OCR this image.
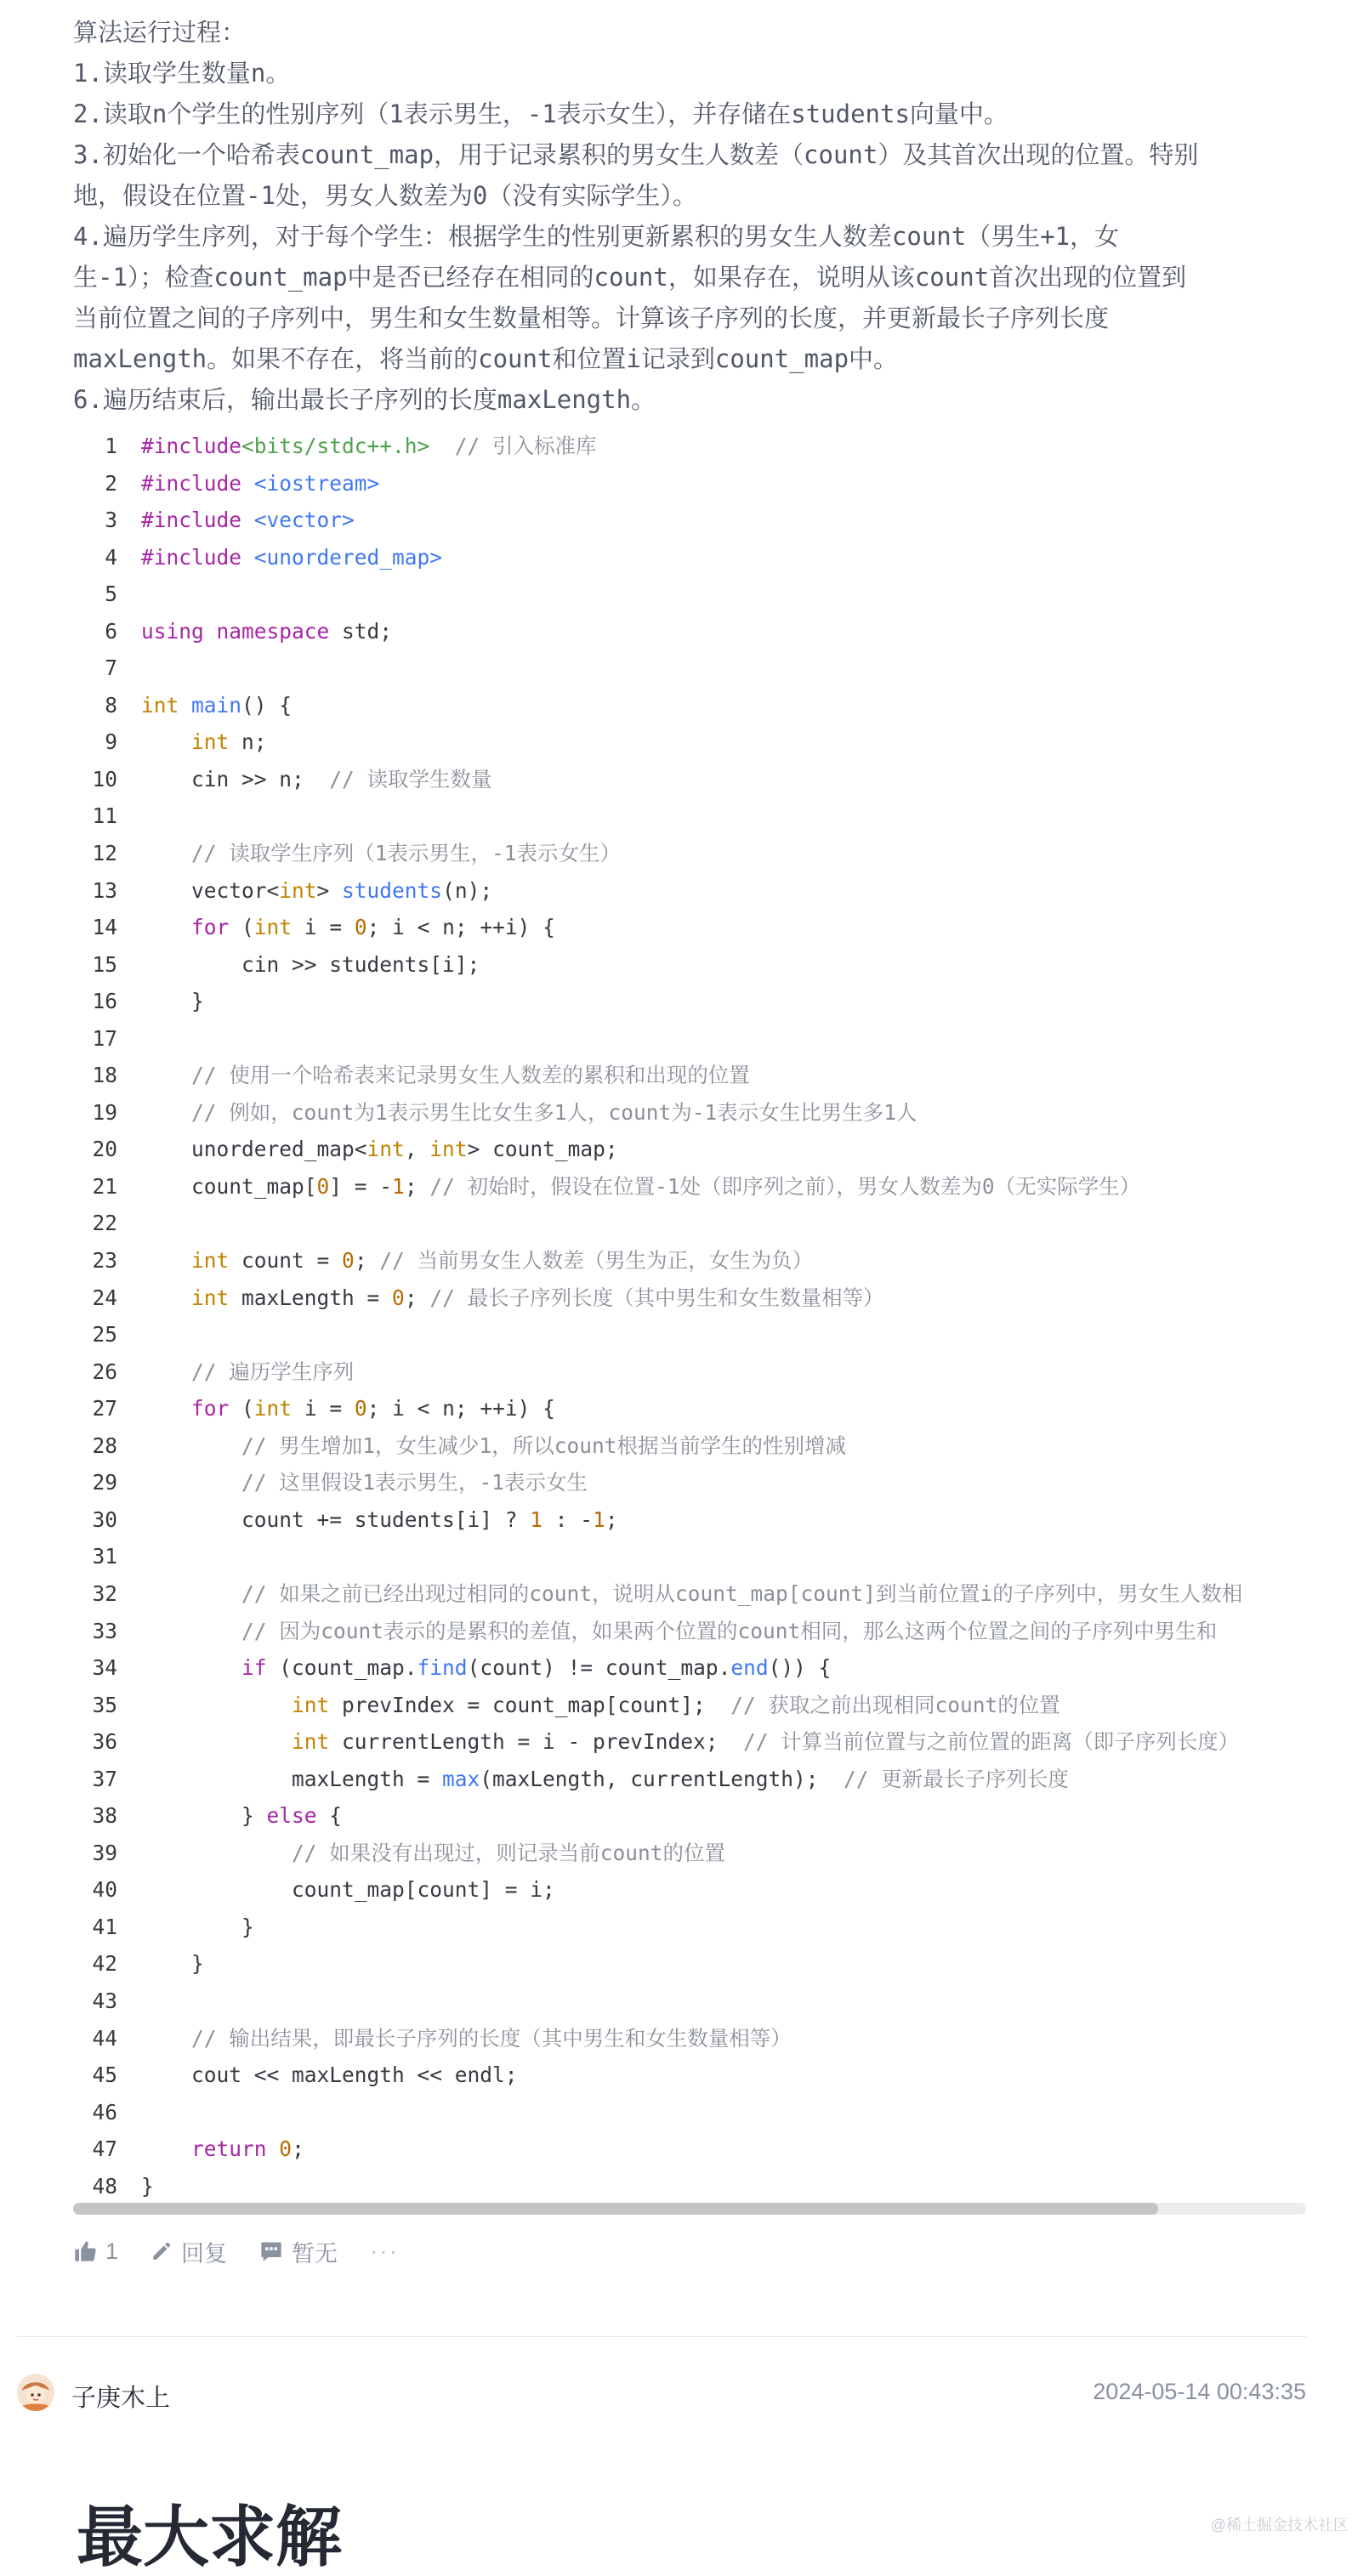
算法运行过程：
1.读取学生数量n。
2.读取n个学生的性别序列（1表示男生，-1表示女生），并存储在students向量中。
3.初始化一个哈希表count_map，用于记录累积的男女生人数差（count）及其首次出现的位置。特别
地，假设在位置-1处，男女人数差为0（没有实际学生）。
4.遍历学生序列，对于每个学生：根据学生的性别更新累积的男女生人数差count（男生+1，女
生-1）；检查count_map中是否已经存在相同的count，如果存在，说明从该count首次出现的位置到
当前位置之间的子序列中，男生和女生数量相等。计算该子序列的长度，并更新最长子序列长度
maxLength。如果不存在，将当前的count和位置i记录到count_map中。
6.遍历结束后，输出最长子序列的长度maxLength。
1 #include<bits/stdc++.h> // 引入标准库
2 #include <iostream>
3 #include <vector>
4 #include <unordered_map>
5
6 using namespace std;
7
8 int main() {
9	int n;
10 cin >> n;  // 读取学生数量
11
12	// 读取学生序列（1表示男生，-1表示女生）
13 vector<int> students(n);
14	for (int i = 0; i < n; ++i) {
15 cin >> students[i];
16 }
17
18	// 使用一个哈希表来记录男女生人数差的累积和出现的位置
19	// 例如，count为1表示男生比女生多1人，count为-1表示女生比男生多1人
20 unordered_map<int, int> count_map;
21 count_map[0] = -1; // 初始时，假设在位置-1处（即序列之前），男女人数差为0（无实际学生）
22
23	int count = 0; // 当前男女生人数差（男生为正，女生为负）
24	int maxLength = 0; // 最长子序列长度（其中男生和女生数量相等）
25
26	// 遍历学生序列
27	for (int i = 0; i < n; ++i) {
28	// 男生增加1，女生减少1，所以count根据当前学生的性别增减
29	// 这里假设1表示男生，-1表示女生
30 count += students[i] ? 1 : -1;
31
32	// 如果之前已经出现过相同的count，说明从count_map[count]到当前位置i的子序列中，男女生人数相
33	// 因为count表示的是累积的差值，如果两个位置的count相同，那么这两个位置之间的子序列中男生和
34	if (count_map.find(count) != count_map.end()) {
35	int prevIndex = count_map[count];  // 获取之前出现相同count的位置
36	int currentLength = i - prevIndex;  // 计算当前位置与之前位置的距离（即子序列长度）
37 maxLength = max(maxLength, currentLength);  // 更新最长子序列长度
38 } else {
39	// 如果没有出现过，则记录当前count的位置
40 count_map[count] = i;
41 }
42 }
43
44	// 输出结果，即最长子序列的长度（其中男生和女生数量相等）
45 cout << maxLength << endl;
46
47	return 0;
48 }
1	回复	暂无 ···
子庚木上	2024-05-14 00:43:35
最大求解	@稀土掘金技术社区
